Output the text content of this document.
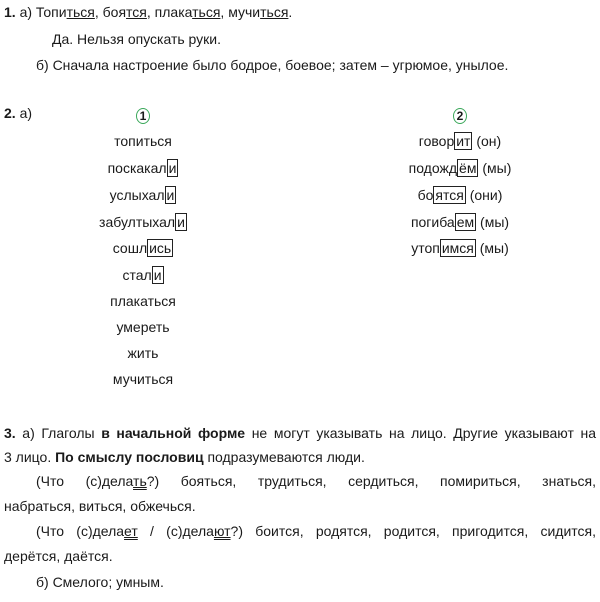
1. а) Топиться, боятся, плакаться, мучиться.
Да. Нельзя опускать руки.
б) Сначала настроение было бодрое, боевое; затем – угрюмое, унылое.
2. а)	1
топиться
поскакал и
услыхал и
забултыхал и
сошл ись
стал и
плакаться
умереть
жить
мучиться
2
говор ит (он)
подожд ём (мы)
бо ятся (они)
погиба ем (мы)
утоп имся (мы)
3. а) Глаголы в начальной форме не могут указывать на лицо. Другие указывают на
3 лицо. По смыслу пословиц подразумеваются люди.
(Что (с)делать?) бояться, трудиться, сердиться, помириться, знаться,
набраться, виться, обжечься.
(Что (с)делает / (с)делают?) боится, родятся, родится, пригодится, сидится,
дерётся, даётся.
б) Смелого; умным.
